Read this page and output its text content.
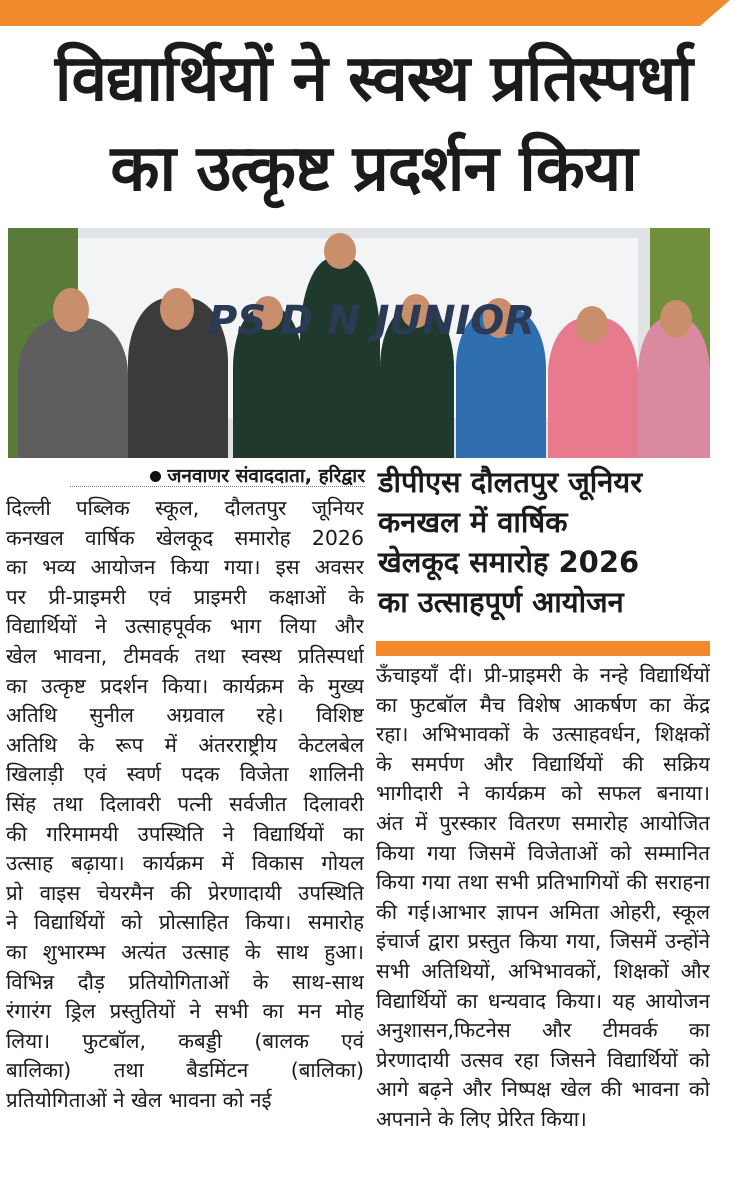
विद्यार्थियों ने स्वस्थ प्रतिस्पर्धा
का उत्कृष्ट प्रदर्शन किया
PS D N JUNIOR
जनवाणर संवाददाता, हरिद्वार डीपीएस दौलतपुर जूनियर
कनखल में वार्षिक
खेलकूद समारोह 2026
का उत्साहपूर्ण आयोजन
दिल्ली पब्लिक स्कूल, दौलतपुर जूनियर
कनखल वार्षिक खेलकूद समारोह 2026
का भव्य आयोजन किया गया। इस अवसर
पर प्री-प्राइमरी एवं प्राइमरी कक्षाओं के
विद्यार्थियों ने उत्साहपूर्वक भाग लिया और
खेल भावना, टीमवर्क तथा स्वस्थ प्रतिस्पर्धा
का उत्कृष्ट प्रदर्शन किया। कार्यक्रम के मुख्य
अतिथि सुनील अग्रवाल रहे। विशिष्ट
अतिथि के रूप में अंतरराष्ट्रीय केटलबेल
खिलाड़ी एवं स्वर्ण पदक विजेता शालिनी
सिंह तथा दिलावरी पत्नी सर्वजीत दिलावरी
की गरिमामयी उपस्थिति ने विद्यार्थियों का
उत्साह बढ़ाया। कार्यक्रम में विकास गोयल
प्रो वाइस चेयरमैन की प्रेरणादायी उपस्थिति
ने विद्यार्थियों को प्रोत्साहित किया। समारोह
का शुभारम्भ अत्यंत उत्साह के साथ हुआ।
विभिन्न दौड़ प्रतियोगिताओं के साथ-साथ
रंगारंग ड्रिल प्रस्तुतियों ने सभी का मन मोह
लिया। फुटबॉल, कबड्डी (बालक एवं
बालिका) तथा बैडमिंटन (बालिका)
प्रतियोगिताओं ने खेल भावना को नई
ऊँचाइयाँ दीं। प्री-प्राइमरी के नन्हे विद्यार्थियों
का फुटबॉल मैच विशेष आकर्षण का केंद्र
रहा। अभिभावकों के उत्साहवर्धन, शिक्षकों
के समर्पण और विद्यार्थियों की सक्रिय
भागीदारी ने कार्यक्रम को सफल बनाया।
अंत में पुरस्कार वितरण समारोह आयोजित
किया गया जिसमें विजेताओं को सम्मानित
किया गया तथा सभी प्रतिभागियों की सराहना
की गई।आभार ज्ञापन अमिता ओहरी, स्कूल
इंचार्ज द्वारा प्रस्तुत किया गया, जिसमें उन्होंने
सभी अतिथियों, अभिभावकों, शिक्षकों और
विद्यार्थियों का धन्यवाद किया। यह आयोजन
अनुशासन,फिटनेस और टीमवर्क का
प्रेरणादायी उत्सव रहा जिसने विद्यार्थियों को
आगे बढ़ने और निष्पक्ष खेल की भावना को
अपनाने के लिए प्रेरित किया।
